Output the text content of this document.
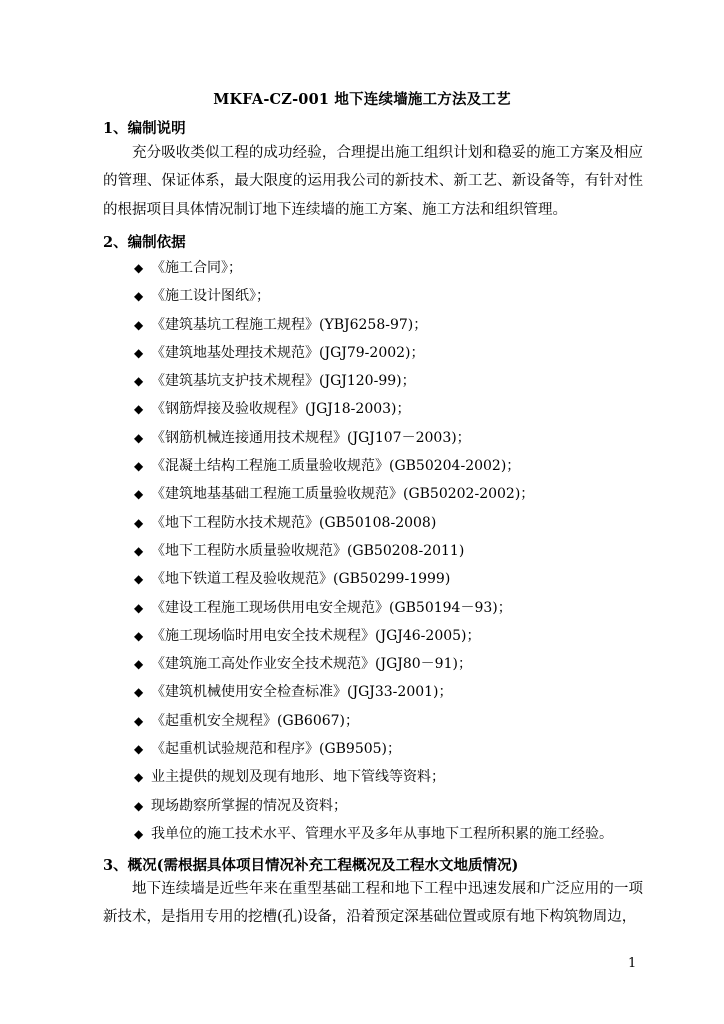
MKFA-CZ-001 地下连续墙施工方法及工艺
1、编制说明
充分吸收类似工程的成功经验，合理提出施工组织计划和稳妥的施工方案及相应的管理、保证体系，最大限度的运用我公司的新技术、新工艺、新设备等，有针对性的根据项目具体情况制订地下连续墙的施工方案、施工方法和组织管理。
2、编制依据
◆ 《施工合同》；
◆ 《施工设计图纸》；
◆ 《建筑基坑工程施工规程》(YBJ6258-97)；
◆ 《建筑地基处理技术规范》(JGJ79-2002)；
◆ 《建筑基坑支护技术规程》(JGJ120-99)；
◆ 《钢筋焊接及验收规程》(JGJ18-2003)；
◆ 《钢筋机械连接通用技术规程》(JGJ107－2003)；
◆ 《混凝土结构工程施工质量验收规范》(GB50204-2002)；
◆ 《建筑地基基础工程施工质量验收规范》(GB50202-2002)；
◆ 《地下工程防水技术规范》(GB50108-2008)
◆ 《地下工程防水质量验收规范》(GB50208-2011)
◆ 《地下铁道工程及验收规范》(GB50299-1999)
◆ 《建设工程施工现场供用电安全规范》(GB50194－93)；
◆ 《施工现场临时用电安全技术规程》(JGJ46-2005)；
◆ 《建筑施工高处作业安全技术规范》(JGJ80－91)；
◆ 《建筑机械使用安全检查标准》(JGJ33-2001)；
◆ 《起重机安全规程》(GB6067)；
◆ 《起重机试验规范和程序》(GB9505)；
◆ 业主提供的规划及现有地形、地下管线等资料；
◆ 现场勘察所掌握的情况及资料；
◆ 我单位的施工技术水平、管理水平及多年从事地下工程所积累的施工经验。
3、概况(需根据具体项目情况补充工程概况及工程水文地质情况)
地下连续墙是近些年来在重型基础工程和地下工程中迅速发展和广泛应用的一项新技术，是指用专用的挖槽(孔)设备，沿着预定深基础位置或原有地下构筑物周边，
1
